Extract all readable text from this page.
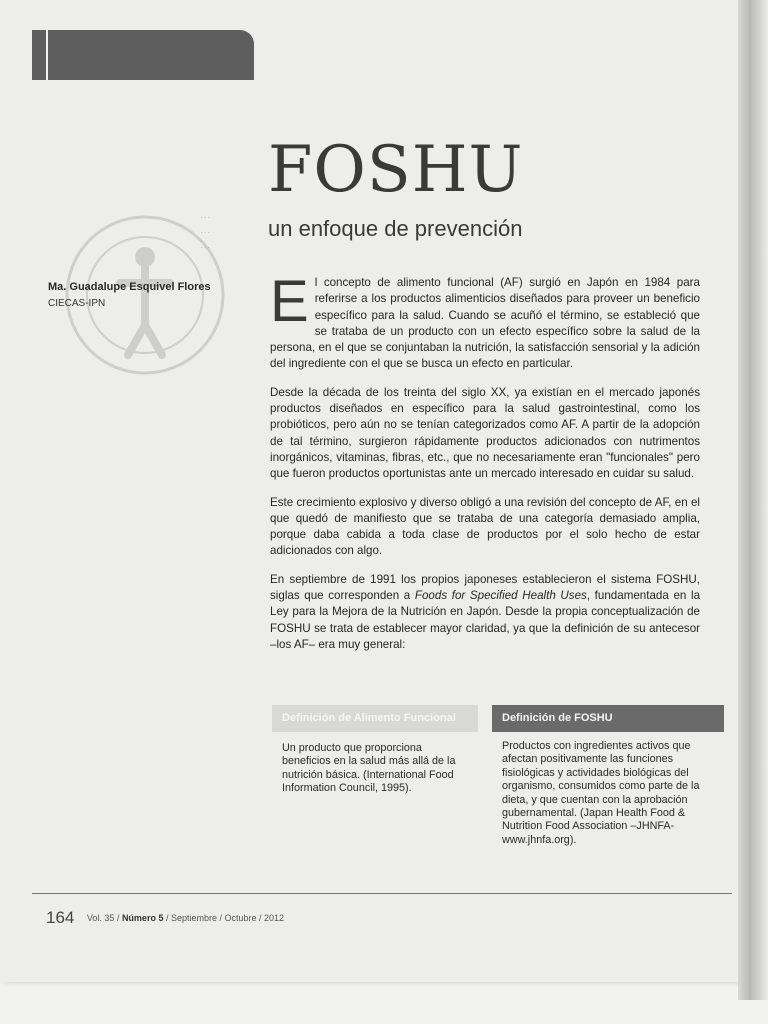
···
···
···
FOSHU
un enfoque de prevención
Ma. Guadalupe Esquivel Flores
CIECAS-IPN	E l concepto de alimento funcional (AF) surgió en Japón en 1984 para referirse a los productos alimenticios diseñados para proveer un beneficio específico para la salud. Cuando se acuñó el término, se estableció que se trataba de un producto con un efecto específico sobre la salud de la persona, en el que se conjuntaban la nutrición, la satisfacción sensorial y la adición del ingrediente con el que se busca un efecto en particular.

Desde la década de los treinta del siglo XX, ya existían en el mercado japonés productos diseñados en específico para la salud gastrointestinal, como los probióticos, pero aún no se tenían categorizados como AF. A partir de la adopción de tal término, surgieron rápidamente productos adicionados con nutrimentos inorgánicos, vitaminas, fibras, etc., que no necesariamente eran "funcionales" pero que fueron productos oportunistas ante un mercado interesado en cuidar su salud.

Este crecimiento explosivo y diverso obligó a una revisión del concepto de AF, en el que quedó de manifiesto que se trataba de una categoría demasiado amplia, porque daba cabida a toda clase de productos por el solo hecho de estar adicionados con algo.

En septiembre de 1991 los propios japoneses establecieron el sistema FOSHU, siglas que corresponden a Foods for Specified Health Uses, fundamentada en la Ley para la Mejora de la Nutrición en Japón. Desde la propia conceptualización de FOSHU se trata de establecer mayor claridad, ya que la definición de su antecesor –los AF– era muy general:

Definición de Alimento Funcional
Un producto que proporciona beneficios en la salud más allá de la nutrición básica. (International Food Information Council, 1995).
Definición de FOSHU
Productos con ingredientes activos que afectan positivamente las funciones fisiológicas y actividades biológicas del organismo, consumidos como parte de la dieta, y que cuentan con la aprobación gubernamental. (Japan Health Food & Nutrition Food Association –JHNFA-www.jhnfa.org).
164 Vol. 35 / Número 5 / Septiembre / Octubre / 2012
